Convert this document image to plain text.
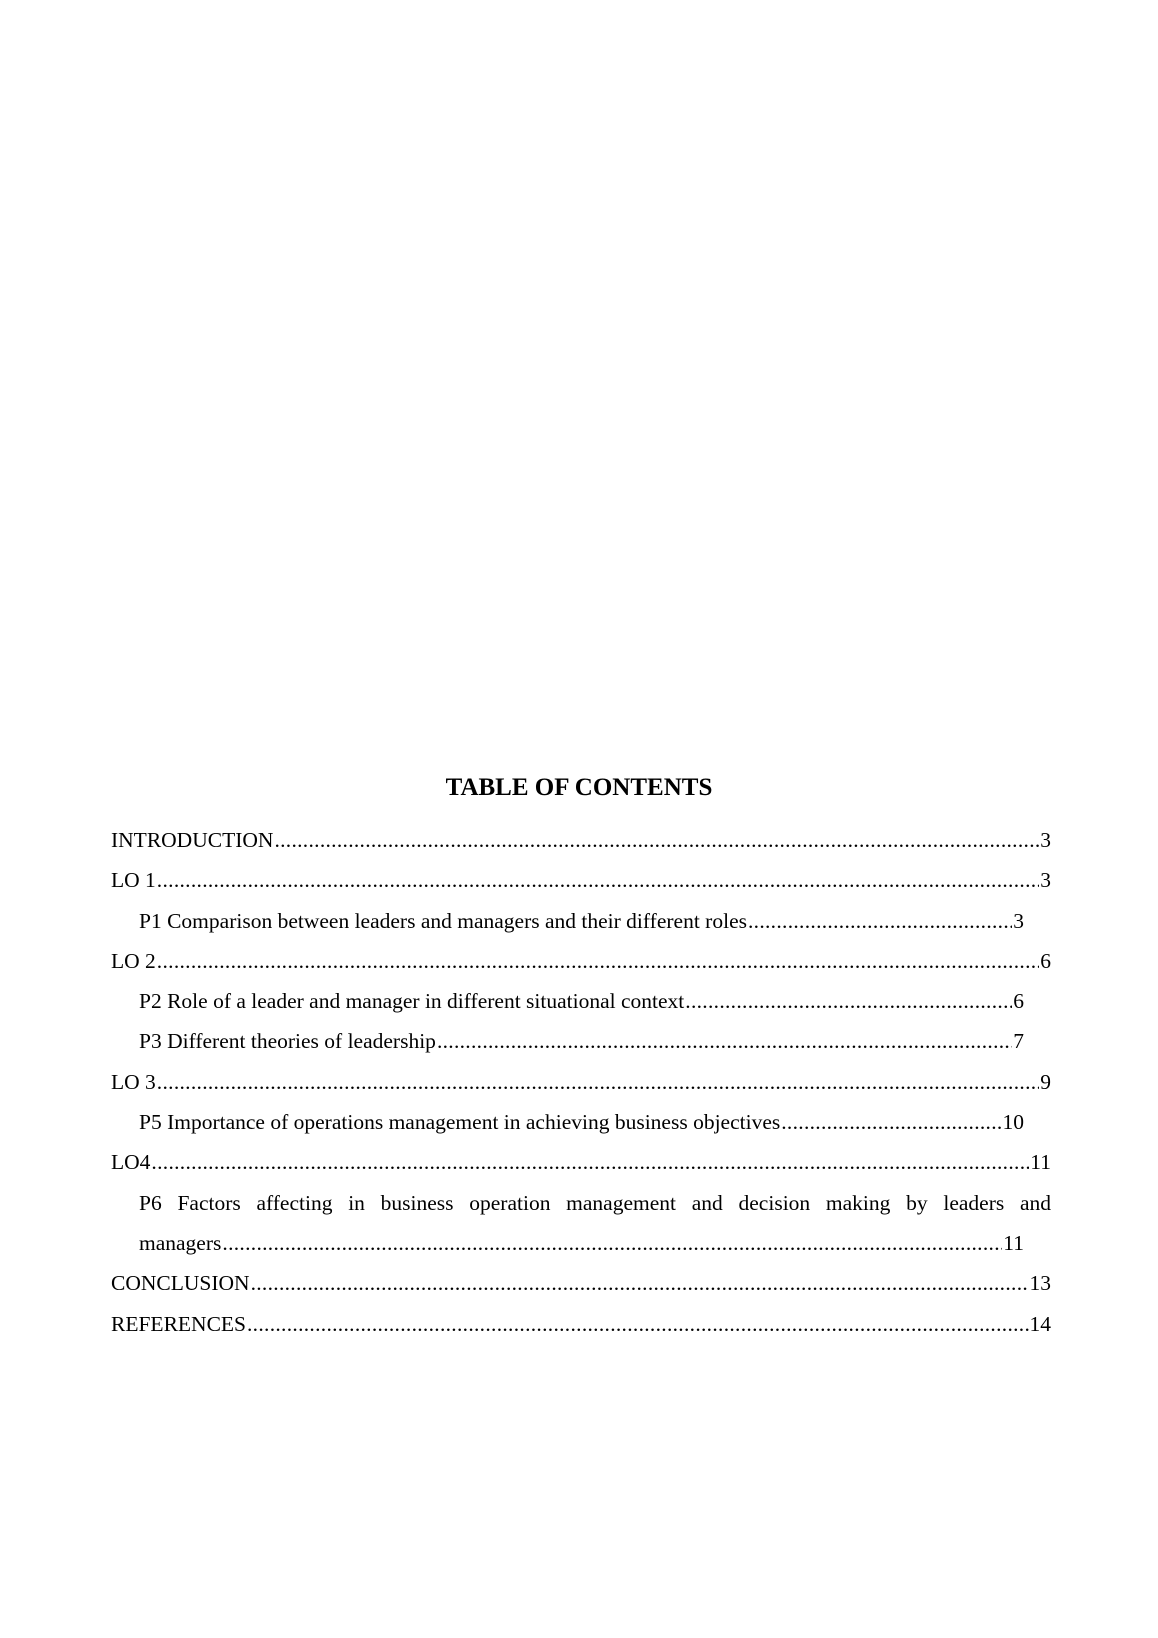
TABLE OF CONTENTS
INTRODUCTION .....	3
LO 1 .....	3
P1 Comparison between leaders and managers and their different roles .....	3
LO 2 .....	6
P2 Role of a leader and manager in different situational context .....	6
P3 Different theories of leadership .....	7
LO 3 .....	9
P5 Importance of operations management in achieving business objectives .....	10
LO4 .....	11
P6 Factors affecting in business operation management and decision making by leaders and
managers .....	11
CONCLUSION .....	13
REFERENCES .....	14
